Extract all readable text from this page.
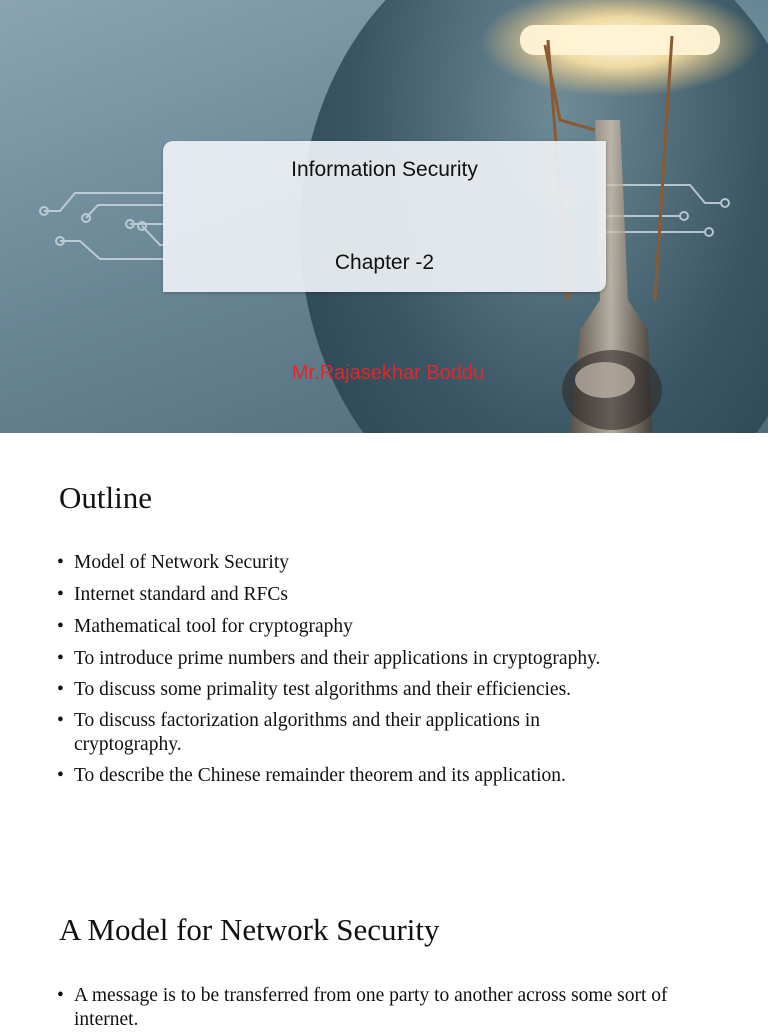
Information Security
Chapter -2
Mr.Rajasekhar Boddu
Outline
• Model of Network Security
• Internet standard and RFCs
• Mathematical tool for cryptography
• To introduce prime numbers and their applications in cryptography.
• To discuss some primality test algorithms and their efficiencies.
• To discuss factorization algorithms and their applications in cryptography.
• To describe the Chinese remainder theorem and its application.
A Model for Network Security
• A message is to be transferred from one party to another across some sort of internet.
